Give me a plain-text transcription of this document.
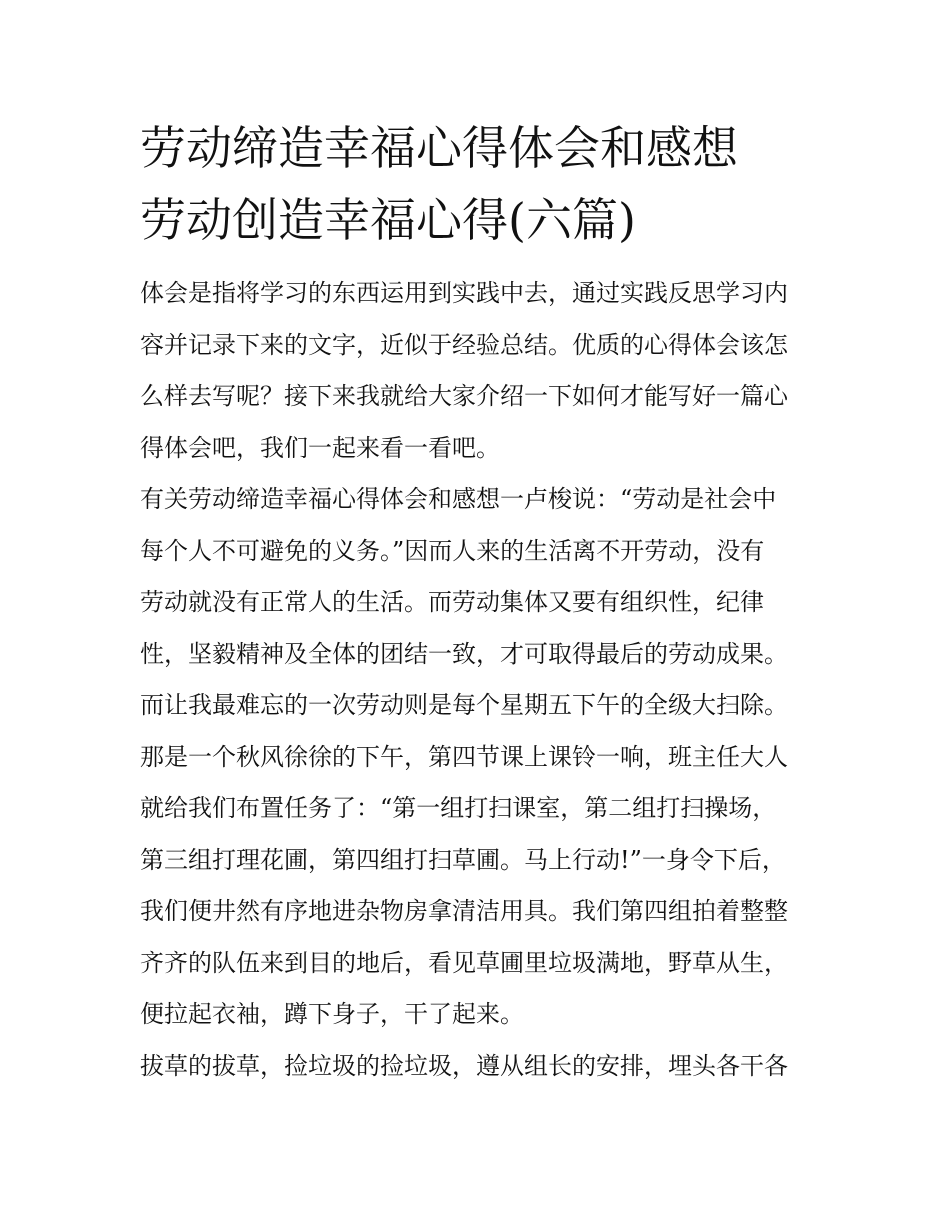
劳动缔造幸福心得体会和感想
劳动创造幸福心得(六篇)

体会是指将学习的东西运用到实践中去，通过实践反思学习内
容并记录下来的文字，近似于经验总结。优质的心得体会该怎
么样去写呢？接下来我就给大家介绍一下如何才能写好一篇心
得体会吧，我们一起来看一看吧。

有关劳动缔造幸福心得体会和感想一卢梭说：“劳动是社会中
每个人不可避免的义务。”因而人来的生活离不开劳动，没有
劳动就没有正常人的生活。而劳动集体又要有组织性，纪律
性，坚毅精神及全体的团结一致，才可取得最后的劳动成果。
而让我最难忘的一次劳动则是每个星期五下午的全级大扫除。
那是一个秋风徐徐的下午，第四节课上课铃一响，班主任大人
就给我们布置任务了：“第一组打扫课室，第二组打扫操场，
第三组打理花圃，第四组打扫草圃。马上行动!”一身令下后，
我们便井然有序地进杂物房拿清洁用具。我们第四组拍着整整
齐齐的队伍来到目的地后，看见草圃里垃圾满地，野草从生，
便拉起衣袖，蹲下身子，干了起来。

拔草的拔草，捡垃圾的捡垃圾，遵从组长的安排，埋头各干各
